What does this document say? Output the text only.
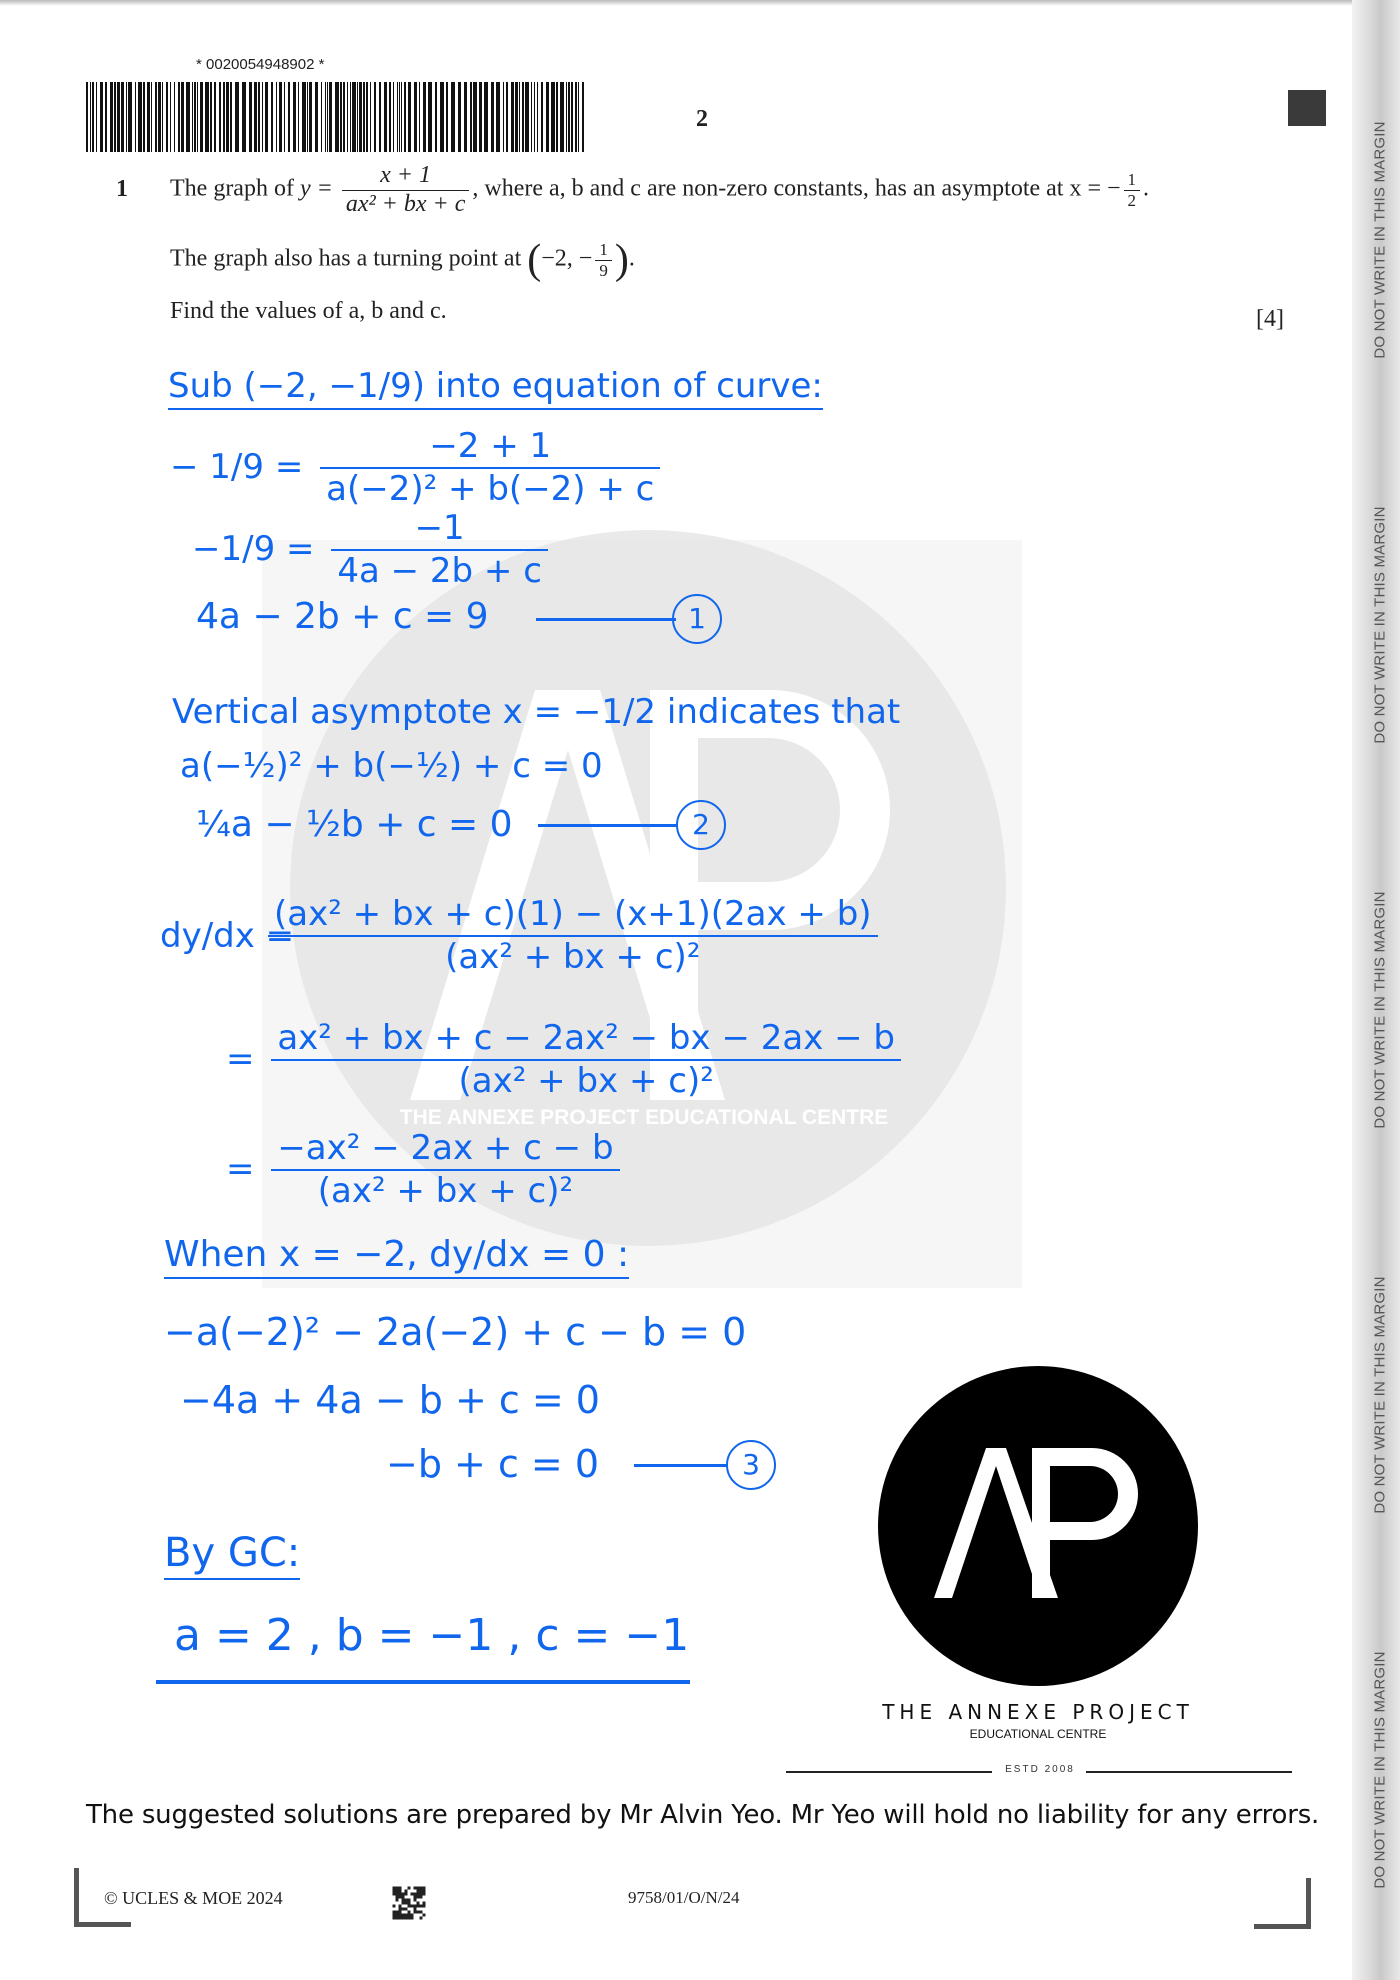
DO NOT WRITE IN THIS MARGIN
DO NOT WRITE IN THIS MARGIN
DO NOT WRITE IN THIS MARGIN
DO NOT WRITE IN THIS MARGIN
DO NOT WRITE IN THIS MARGIN
* 0020054948902 *
2
1 The graph of $y = \frac{x + 1}{\text{ax² + bx + c}}$ , where a, b and c are non-zero constants, has an asymptote at x = − $\frac{1}{2}$ .
The graph also has a turning point at (−2, − $\frac{1}{9}$ ).
Find the values of a, b and c.	[4]
THE ANNEXE PROJECT EDUCATIONAL CENTRE
Sub (−2, −1/9) into equation of curve:
− $1/9 = \frac{-2 + 1}{\text{a(−2)² + b(−2) + c}}$
$-1/9 = \frac{-1}{4a - 2b + c}$
4a − 2b + c = 9	1
Vertical asymptote x = −1/2 indicates that
a(−½)² + b(−½) + c = 0
¼a − ½b + c = 0	2
dy/dx =
$\frac{\text{(ax² + bx + c)(1) − (x+1)(2ax + b)}}{\text{(ax² + bx + c)²}}$
= $\frac{\text{ax² + bx + c − 2ax² − bx − 2ax − b}}{\text{(ax² + bx + c)²}}$
= $\frac{\text{−ax² − 2ax + c − b}}{\text{(ax² + bx + c)²}}$
When x = −2, dy/dx = 0 :
−a(−2)² − 2a(−2) + c − b = 0
−4a + 4a − b + c = 0
−b + c = 0	3
By GC:
a = 2 , b = −1 , c = −1
THE ANNEXE PROJECT
EDUCATIONAL CENTRE
ESTD 2008
The suggested solutions are prepared by Mr Alvin Yeo. Mr Yeo will hold no liability for any errors.
© UCLES & MOE 2024	9758/01/O/N/24
